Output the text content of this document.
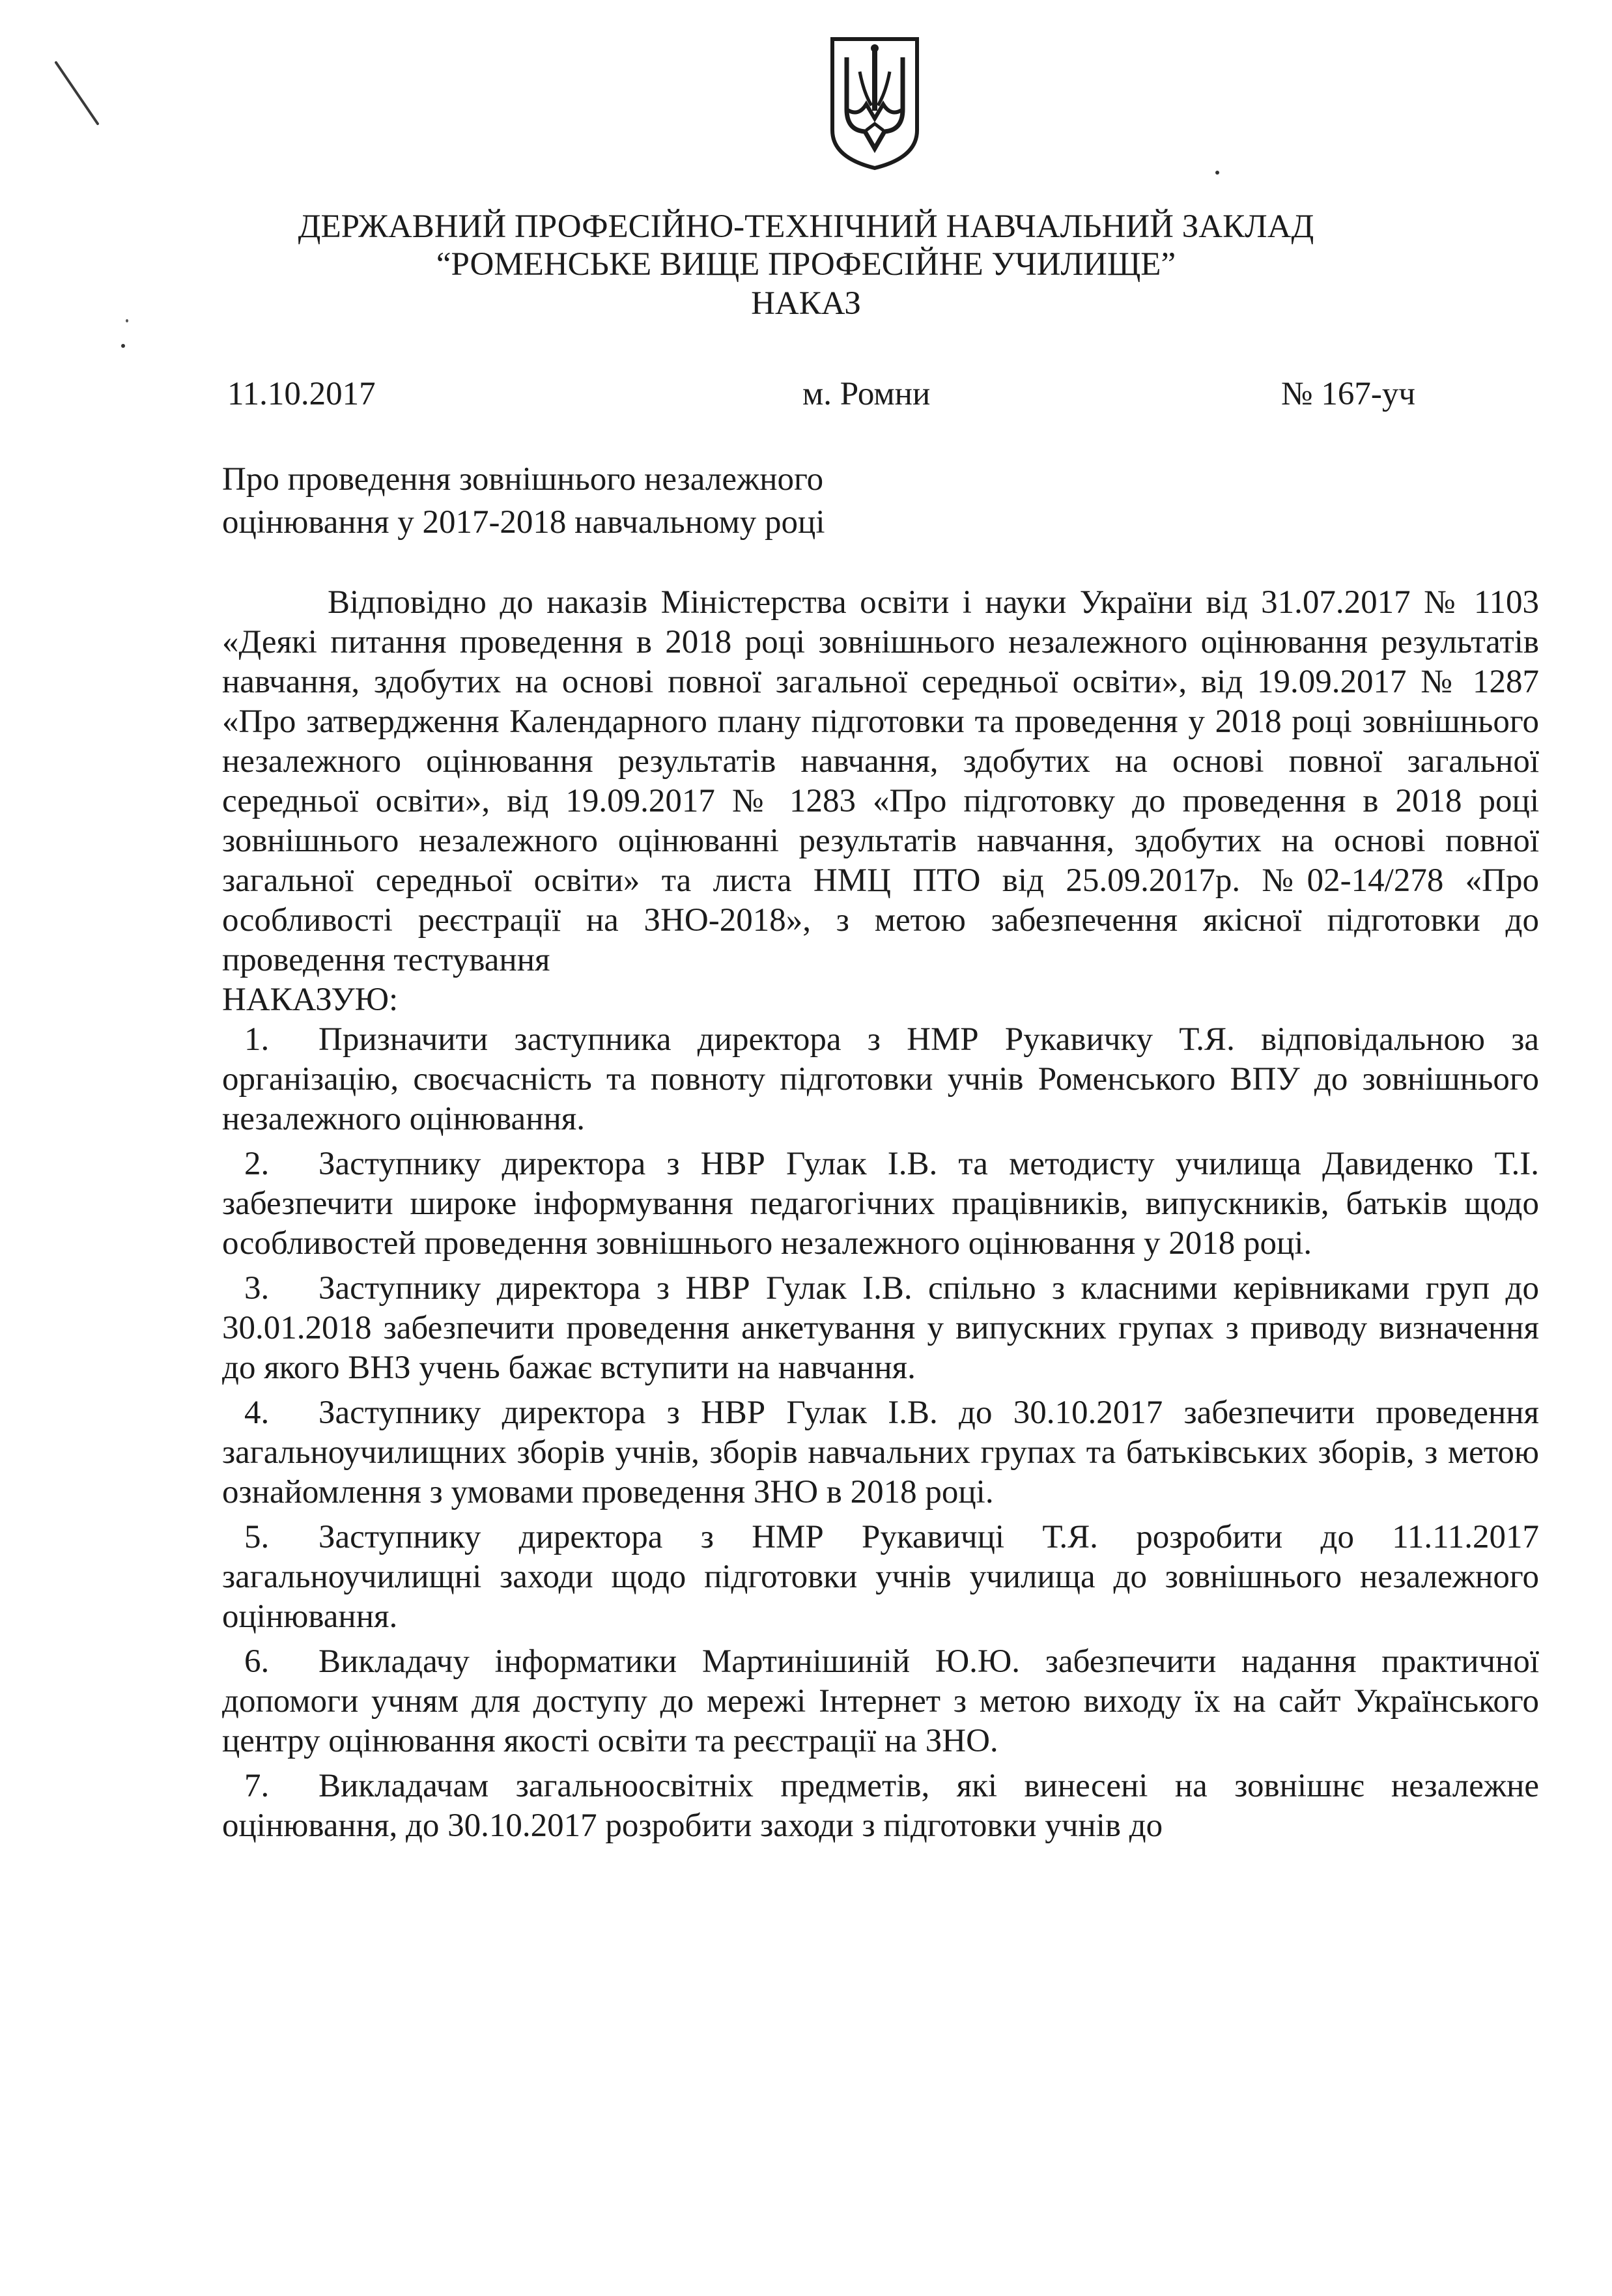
ДЕРЖАВНИЙ ПРОФЕСІЙНО-ТЕХНІЧНИЙ НАВЧАЛЬНИЙ ЗАКЛАД
“РОМЕНСЬКЕ ВИЩЕ ПРОФЕСІЙНЕ УЧИЛИЩЕ”
НАКАЗ
11.10.2017	м. Ромни	№ 167-уч
Про проведення зовнішнього незалежного
оцінювання у 2017-2018 навчальному році

Відповідно до наказів Міністерства освіти і науки України від 31.07.2017 № 1103 «Деякі питання проведення в 2018 році зовнішнього незалежного оцінювання результатів навчання, здобутих на основі повної загальної середньої освіти», від 19.09.2017 № 1287 «Про затвердження Календарного плану підготовки та проведення у 2018 році зовнішнього незалежного оцінювання результатів навчання, здобутих на основі повної загальної середньої освіти», від 19.09.2017 № 1283 «Про підготовку до проведення в 2018 році зовнішнього незалежного оцінюванні результатів навчання, здобутих на основі повної загальної середньої освіти» та листа НМЦ ПТО від 25.09.2017р. №02-14/278 «Про особливості реєстрації на ЗНО-2018», з метою забезпечення якісної підготовки до проведення тестування

НАКАЗУЮ:

1. Призначити заступника директора з НМР Рукавичку Т.Я. відповідальною за організацію, своєчасність та повноту підготовки учнів Роменського ВПУ до зовнішнього незалежного оцінювання.
2. Заступнику директора з НВР Гулак І.В. та методисту училища Давиденко Т.І. забезпечити широке інформування педагогічних працівників, випускників, батьків щодо особливостей проведення зовнішнього незалежного оцінювання у 2018 році.
3. Заступнику директора з НВР Гулак І.В. спільно з класними керівниками груп до 30.01.2018 забезпечити проведення анкетування у випускних групах з приводу визначення до якого ВНЗ учень бажає вступити на навчання.
4. Заступнику директора з НВР Гулак І.В. до 30.10.2017 забезпечити проведення загальноучилищних зборів учнів, зборів навчальних групах та батьківських зборів, з метою ознайомлення з умовами проведення ЗНО в 2018 році.
5. Заступнику директора з НМР Рукавичці Т.Я. розробити до 11.11.2017 загальноучилищні заходи щодо підготовки учнів училища до зовнішнього незалежного оцінювання.
6. Викладачу інформатики Мартинішиній Ю.Ю. забезпечити надання практичної допомоги учням для доступу до мережі Інтернет з метою виходу їх на сайт Українського центру оцінювання якості освіти та реєстрації на ЗНО.
7. Викладачам загальноосвітніх предметів, які винесені на зовнішнє незалежне оцінювання, до 30.10.2017 розробити заходи з підготовки учнів до
